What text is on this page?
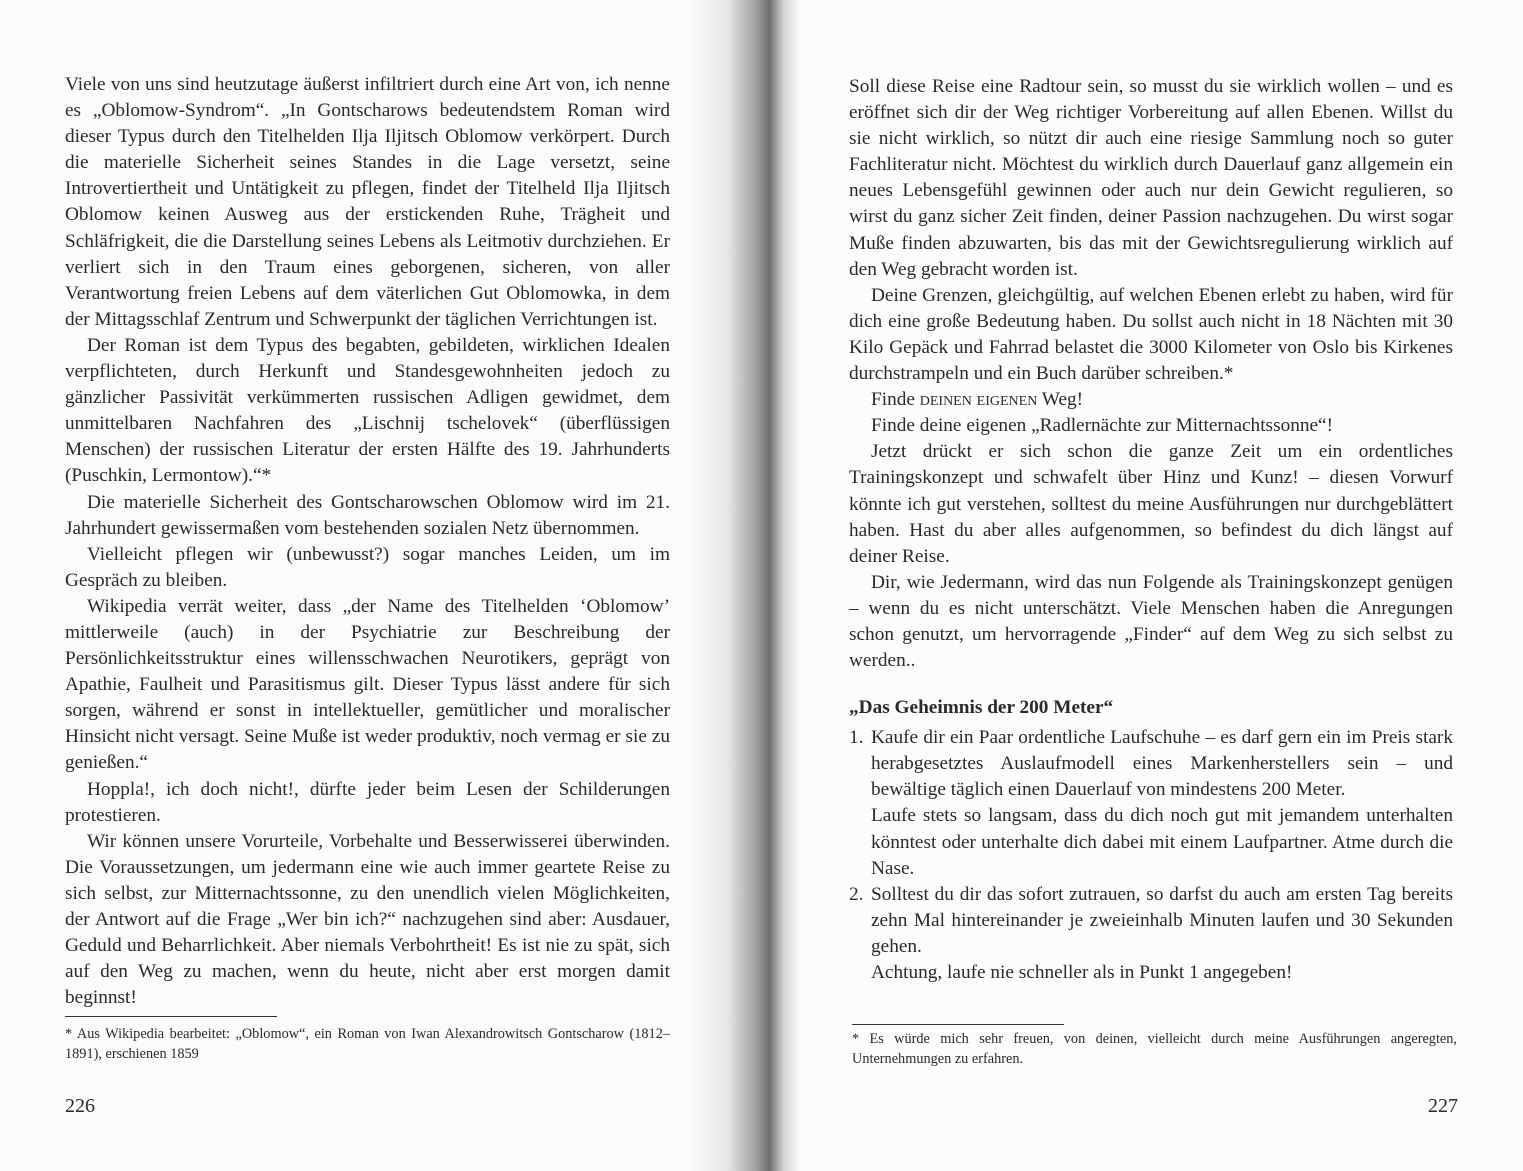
Viele von uns sind heutzutage äußerst infiltriert durch eine Art von, ich nenne es „Oblomow-Syndrom“. „In Gontscharows bedeutendstem Roman wird dieser Typus durch den Titelhelden Ilja Iljitsch Oblomow verkörpert. Durch die materielle Sicherheit seines Standes in die Lage versetzt, seine Introvertiertheit und Untätigkeit zu pflegen, findet der Titelheld Ilja Iljitsch Oblomow keinen Ausweg aus der erstickenden Ruhe, Trägheit und Schläfrigkeit, die die Darstellung seines Lebens als Leitmotiv durchziehen. Er verliert sich in den Traum eines geborgenen, sicheren, von aller Verantwortung freien Lebens auf dem väterlichen Gut Oblomowka, in dem der Mittagsschlaf Zentrum und Schwerpunkt der täglichen Verrichtungen ist.

Der Roman ist dem Typus des begabten, gebildeten, wirklichen Idealen verpflichteten, durch Herkunft und Standesgewohnheiten jedoch zu gänzlicher Passivität verkümmerten russischen Adligen gewidmet, dem unmittelbaren Nachfahren des „Lischnij tschelovek“ (überflüssigen Menschen) der russischen Literatur der ersten Hälfte des 19. Jahrhunderts (Puschkin, Lermontow).“*

Die materielle Sicherheit des Gontscharowschen Oblomow wird im 21. Jahrhundert gewissermaßen vom bestehenden sozialen Netz übernommen.

Vielleicht pflegen wir (unbewusst?) sogar manches Leiden, um im Gespräch zu bleiben.

Wikipedia verrät weiter, dass „der Name des Titelhelden ‘Oblomow’ mittlerweile (auch) in der Psychiatrie zur Beschreibung der Persönlichkeitsstruktur eines willensschwachen Neurotikers, geprägt von Apathie, Faulheit und Parasitismus gilt. Dieser Typus lässt andere für sich sorgen, während er sonst in intellektueller, gemütlicher und moralischer Hinsicht nicht versagt. Seine Muße ist weder produktiv, noch vermag er sie zu genießen.“

Hoppla!, ich doch nicht!, dürfte jeder beim Lesen der Schilderungen protestieren.

Wir können unsere Vorurteile, Vorbehalte und Besserwisserei überwinden. Die Voraussetzungen, um jedermann eine wie auch immer geartete Reise zu sich selbst, zur Mitternachtssonne, zu den unendlich vielen Möglichkeiten, der Antwort auf die Frage „Wer bin ich?“ nachzugehen sind aber: Ausdauer, Geduld und Beharrlichkeit. Aber niemals Verbohrtheit! Es ist nie zu spät, sich auf den Weg zu machen, wenn du heute, nicht aber erst morgen damit beginnst!

* Aus Wikipedia bearbeitet: „Oblomow“, ein Roman von Iwan Alexandrowitsch Gontscharow (1812–1891), erschienen 1859
226

Soll diese Reise eine Radtour sein, so musst du sie wirklich wollen – und es eröffnet sich dir der Weg richtiger Vorbereitung auf allen Ebenen. Willst du sie nicht wirklich, so nützt dir auch eine riesige Sammlung noch so guter Fachliteratur nicht. Möchtest du wirklich durch Dauerlauf ganz allgemein ein neues Lebensgefühl gewinnen oder auch nur dein Gewicht regulieren, so wirst du ganz sicher Zeit finden, deiner Passion nachzugehen. Du wirst sogar Muße finden abzuwarten, bis das mit der Gewichtsregulierung wirklich auf den Weg gebracht worden ist.

Deine Grenzen, gleichgültig, auf welchen Ebenen erlebt zu haben, wird für dich eine große Bedeutung haben. Du sollst auch nicht in 18 Nächten mit 30 Kilo Gepäck und Fahrrad belastet die 3000 Kilometer von Oslo bis Kirkenes durchstrampeln und ein Buch darüber schreiben.*

Finde deinen eigenen Weg!

Finde deine eigenen „Radlernächte zur Mitternachtssonne“!

Jetzt drückt er sich schon die ganze Zeit um ein ordentliches Trainingskonzept und schwafelt über Hinz und Kunz! – diesen Vorwurf könnte ich gut verstehen, solltest du meine Ausführungen nur durchgeblättert haben. Hast du aber alles aufgenommen, so befindest du dich längst auf deiner Reise.

Dir, wie Jedermann, wird das nun Folgende als Trainingskonzept genügen – wenn du es nicht unterschätzt. Viele Menschen haben die Anregungen schon genutzt, um hervorragende „Finder“ auf dem Weg zu sich selbst zu werden..

„Das Geheimnis der 200 Meter“
1. Kaufe dir ein Paar ordentliche Laufschuhe – es darf gern ein im Preis stark herabgesetztes Auslaufmodell eines Markenherstellers sein – und bewältige täglich einen Dauerlauf von mindestens 200 Meter.
Laufe stets so langsam, dass du dich noch gut mit jemandem unterhalten könntest oder unterhalte dich dabei mit einem Laufpartner. Atme durch die Nase.
2. Solltest du dir das sofort zutrauen, so darfst du auch am ersten Tag bereits zehn Mal hintereinander je zweieinhalb Minuten laufen und 30 Sekunden gehen.
Achtung, laufe nie schneller als in Punkt 1 angegeben!
* Es würde mich sehr freuen, von deinen, vielleicht durch meine Ausführungen angeregten, Unternehmungen zu erfahren.
227
